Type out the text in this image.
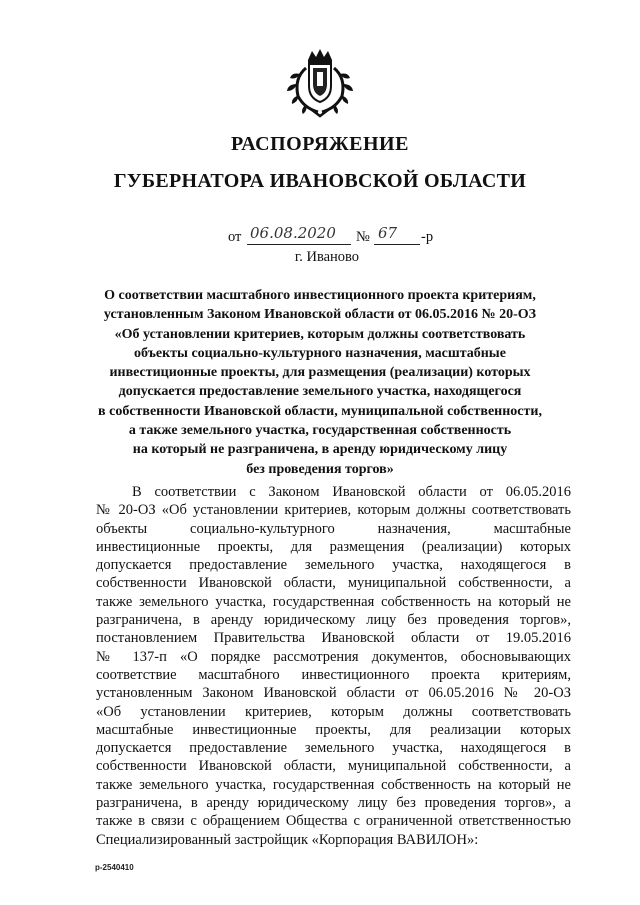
РАСПОРЯЖЕНИЕ
ГУБЕРНАТОРА ИВАНОВСКОЙ ОБЛАСТИ
от 06.08.2020 № 67 -р
г. Иваново
О соответствии масштабного инвестиционного проекта критериям,
установленным Законом Ивановской области от 06.05.2016 № 20-ОЗ
«Об установлении критериев, которым должны соответствовать
объекты социально-культурного назначения, масштабные
инвестиционные проекты, для размещения (реализации) которых
допускается предоставление земельного участка, находящегося
в собственности Ивановской области, муниципальной собственности,
а также земельного участка, государственная собственность
на который не разграничена, в аренду юридическому лицу
без проведения торгов»
В соответствии с Законом Ивановской области от 06.05.2016
№ 20-ОЗ «Об установлении критериев, которым должны соответствовать
объекты социально-культурного назначения, масштабные
инвестиционные проекты, для размещения (реализации) которых
допускается предоставление земельного участка, находящегося в
собственности Ивановской области, муниципальной собственности, а
также земельного участка, государственная собственность на который не
разграничена, в аренду юридическому лицу без проведения торгов»,
постановлением Правительства Ивановской области от 19.05.2016
№ 137-п «О порядке рассмотрения документов, обосновывающих
соответствие масштабного инвестиционного проекта критериям,
установленным Законом Ивановской области от 06.05.2016 № 20-ОЗ
«Об установлении критериев, которым должны соответствовать
масштабные инвестиционные проекты, для реализации которых
допускается предоставление земельного участка, находящегося в
собственности Ивановской области, муниципальной собственности, а
также земельного участка, государственная собственность на который не
разграничена, в аренду юридическому лицу без проведения торгов», а
также в связи с обращением Общества с ограниченной ответственностью
Специализированный застройщик «Корпорация ВАВИЛОН»:
р-2540410
